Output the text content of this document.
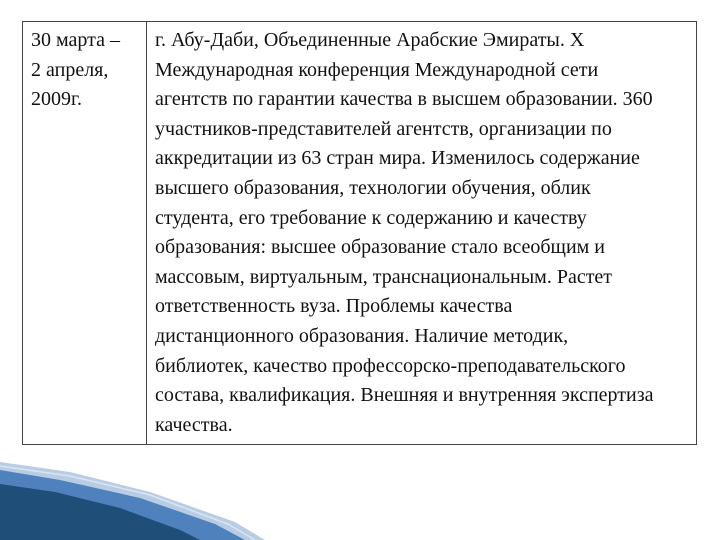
30 марта –
2 апреля,
2009г.

г. Абу-Даби, Объединенные Арабские Эмираты. X
Международная конференция Международной сети
агентств по гарантии качества в высшем образовании. 360
участников-представителей агентств, организации по
аккредитации из 63 стран мира. Изменилось содержание
высшего образования, технологии обучения, облик
студента, его требование к содержанию и качеству
образования: высшее образование стало всеобщим и
массовым, виртуальным, транснациональным. Растет
ответственность вуза. Проблемы качества
дистанционного образования. Наличие методик,
библиотек, качество профессорско-преподавательского
состава, квалификация. Внешняя и внутренняя экспертиза
качества.
